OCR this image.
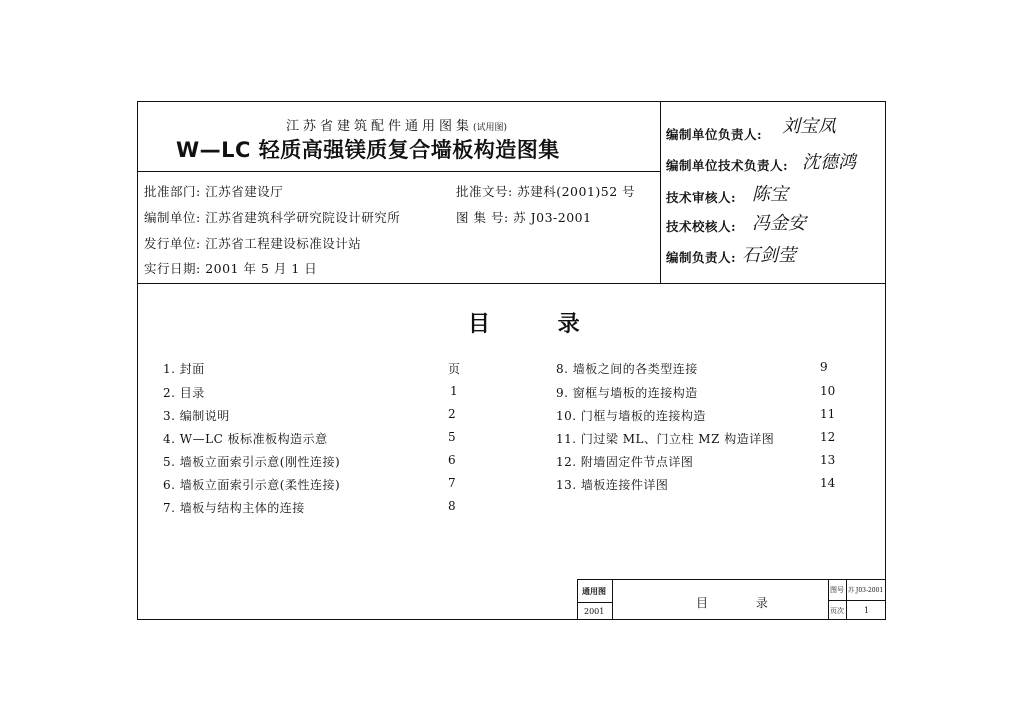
江苏省建筑配件通用图集(试用图)
W—LC 轻质高强镁质复合墙板构造图集
批准部门: 江苏省建设厅	批准文号: 苏建科(2001)52 号
编制单位: 江苏省建筑科学研究院设计研究所	图 集 号: 苏 J03-2001
发行单位: 江苏省工程建设标准设计站
实行日期: 2001 年 5 月 1 日
编制单位负责人: 刘宝凤
编制单位技术负责人: 沈德鸿
技术审核人: 陈宝
技术校核人: 冯金安
编制负责人: 石剑莹
目 录
页
1. 封面
2. 目录	1
3. 编制说明	2
4. W—LC 板标准板构造示意	5
5. 墙板立面索引示意(刚性连接)	6
6. 墙板立面索引示意(柔性连接)	7
7. 墙板与结构主体的连接	8
8. 墙板之间的各类型连接	9
9. 窗框与墙板的连接构造	10
10. 门框与墙板的连接构造	11
11. 门过梁 ML、门立柱 MZ 构造详图	12
12. 附墙固定件节点详图	13
13. 墙板连接件详图	14
通用图
2001
目 录
图号 苏 J03-2001
页次	1
